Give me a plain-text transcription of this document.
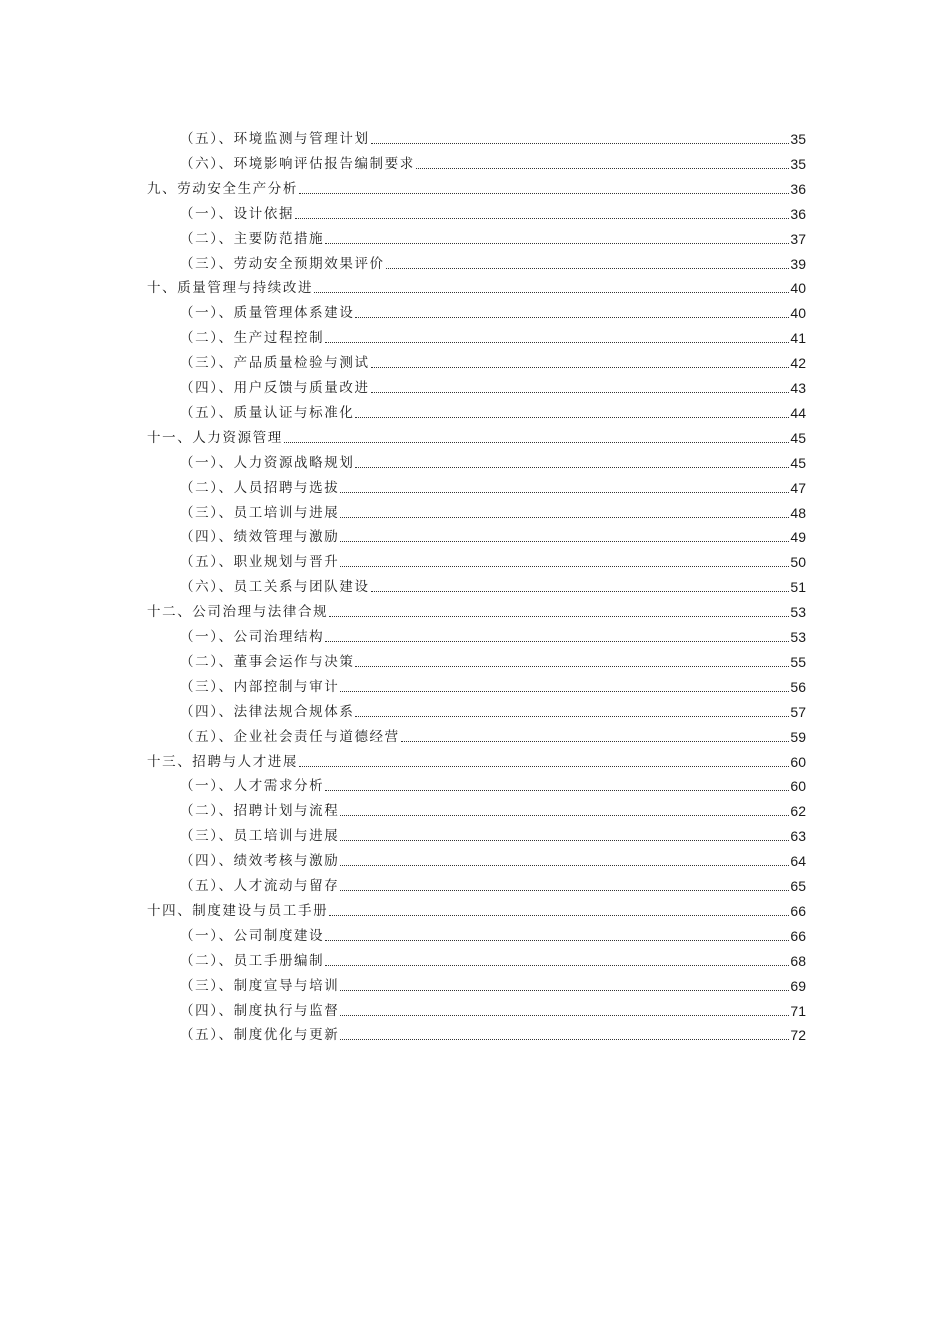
（五）、环境监测与管理计划	35
（六）、环境影响评估报告编制要求	35
九、劳动安全生产分析	36
（一）、设计依据	36
（二）、主要防范措施	37
（三）、劳动安全预期效果评价	39
十、质量管理与持续改进	40
（一）、质量管理体系建设	40
（二）、生产过程控制	41
（三）、产品质量检验与测试	42
（四）、用户反馈与质量改进	43
（五）、质量认证与标准化	44
十一、人力资源管理	45
（一）、人力资源战略规划	45
（二）、人员招聘与选拔	47
（三）、员工培训与进展	48
（四）、绩效管理与激励	49
（五）、职业规划与晋升	50
（六）、员工关系与团队建设	51
十二、公司治理与法律合规	53
（一）、公司治理结构	53
（二）、董事会运作与决策	55
（三）、内部控制与审计	56
（四）、法律法规合规体系	57
（五）、企业社会责任与道德经营	59
十三、招聘与人才进展	60
（一）、人才需求分析	60
（二）、招聘计划与流程	62
（三）、员工培训与进展	63
（四）、绩效考核与激励	64
（五）、人才流动与留存	65
十四、制度建设与员工手册	66
（一）、公司制度建设	66
（二）、员工手册编制	68
（三）、制度宣导与培训	69
（四）、制度执行与监督	71
（五）、制度优化与更新	72
